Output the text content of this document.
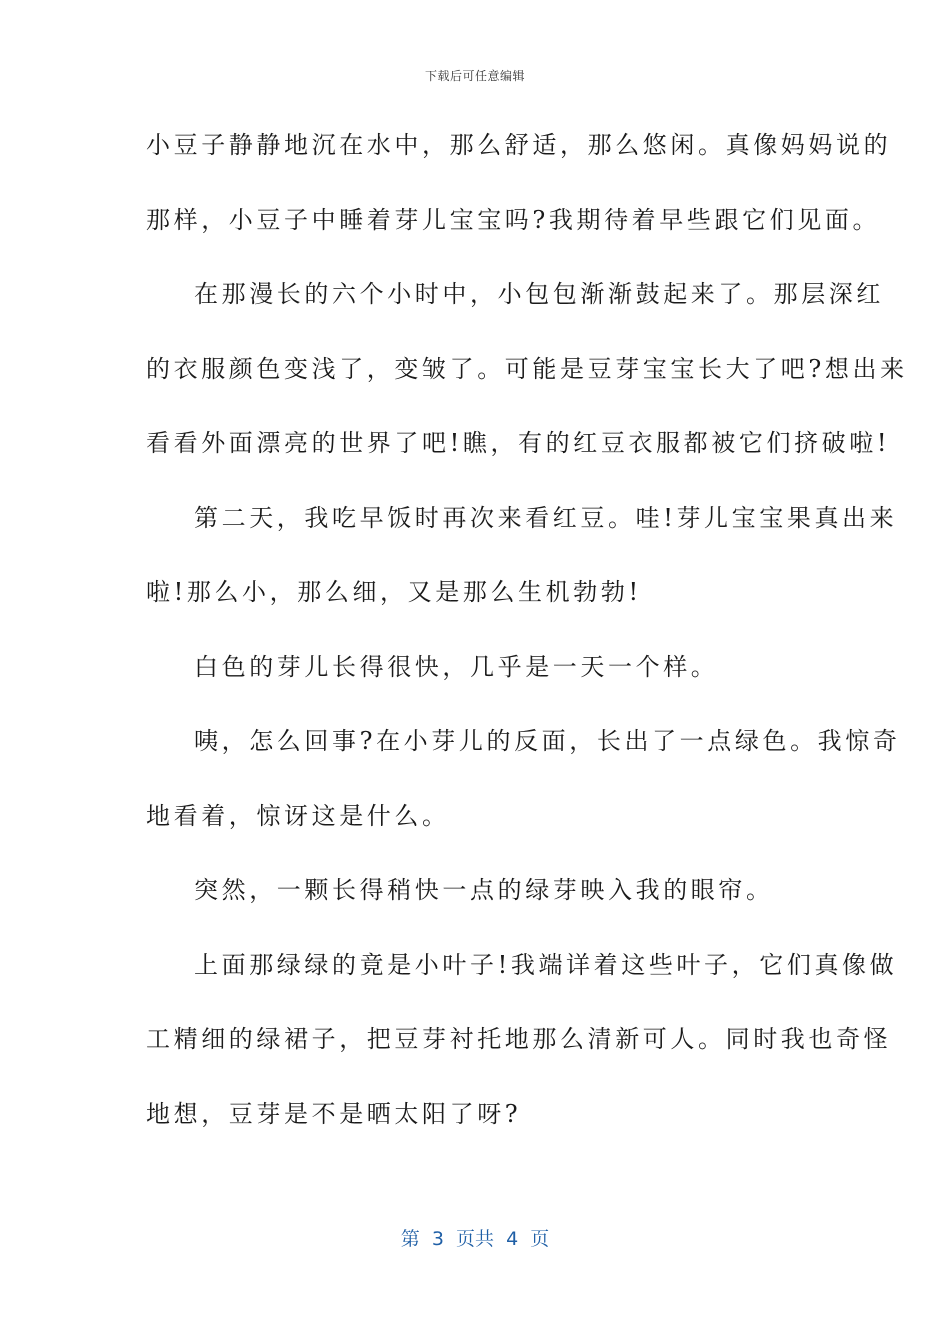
下载后可任意编辑
小豆子静静地沉在水中，那么舒适，那么悠闲。真像妈妈说的
那样，小豆子中睡着芽儿宝宝吗?我期待着早些跟它们见面。
在那漫长的六个小时中，小包包渐渐鼓起来了。那层深红
的衣服颜色变浅了，变皱了。可能是豆芽宝宝长大了吧?想出来
看看外面漂亮的世界了吧!瞧，有的红豆衣服都被它们挤破啦!
第二天，我吃早饭时再次来看红豆。哇!芽儿宝宝果真出来
啦!那么小，那么细，又是那么生机勃勃!
白色的芽儿长得很快，几乎是一天一个样。
咦，怎么回事?在小芽儿的反面，长出了一点绿色。我惊奇
地看着，惊讶这是什么。
突然，一颗长得稍快一点的绿芽映入我的眼帘。
上面那绿绿的竟是小叶子!我端详着这些叶子，它们真像做
工精细的绿裙子，把豆芽衬托地那么清新可人。同时我也奇怪
地想，豆芽是不是晒太阳了呀?
第  3  页共  4  页
